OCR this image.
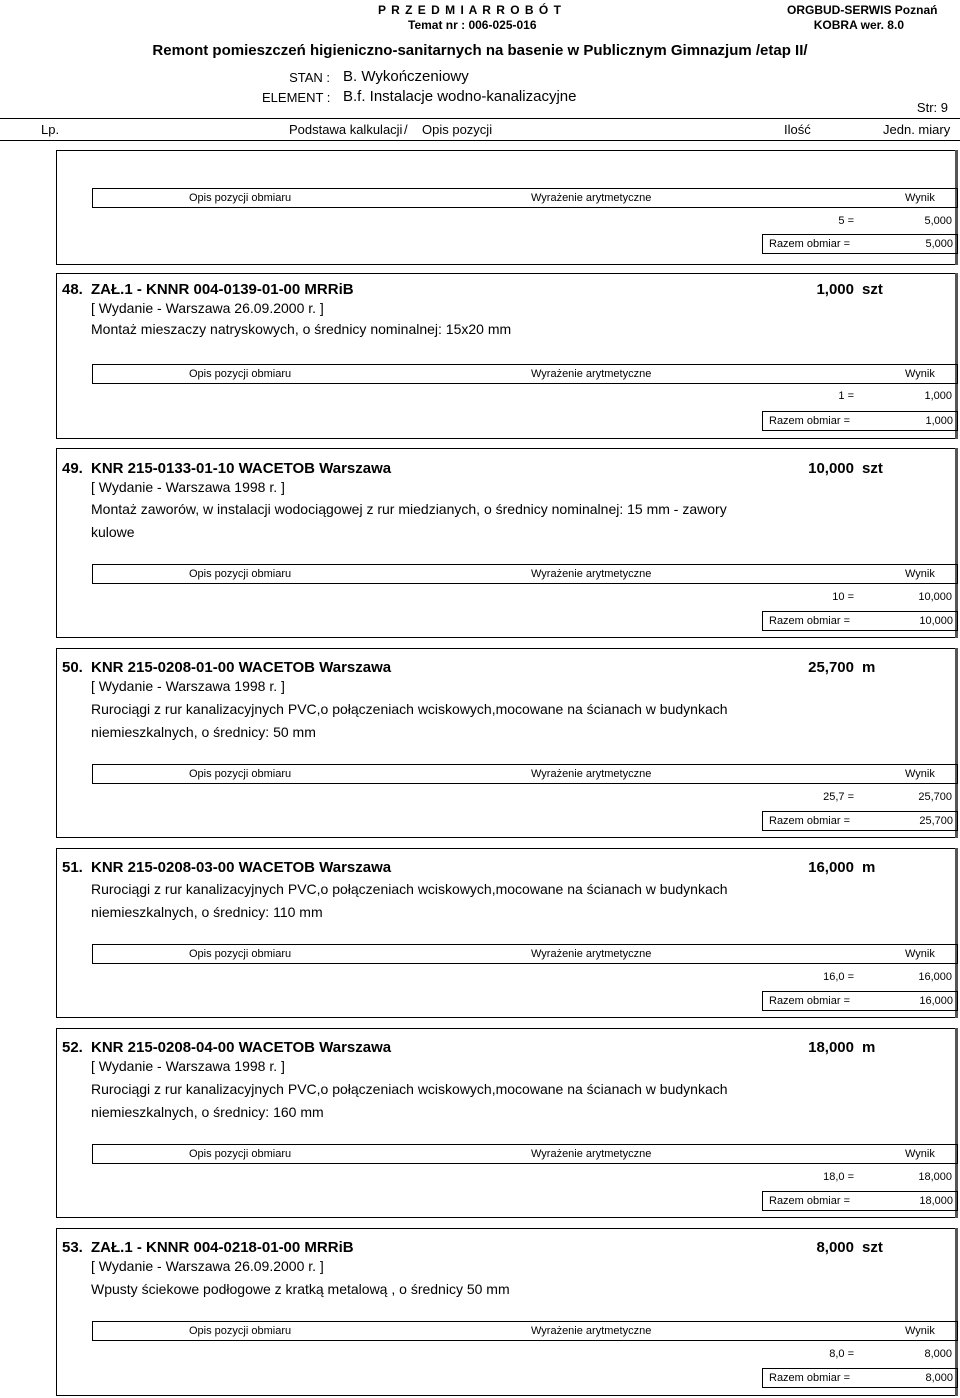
P R Z E D M I A R R O B Ó T
Temat nr : 006-025-016
ORGBUD-SERWIS Poznań
KOBRA wer. 8.0
Remont pomieszczeń higieniczno-sanitarnych na basenie w Publicznym Gimnazjum /etap II/
STAN : B. Wykończeniowy
ELEMENT : B.f. Instalacje wodno-kanalizacyjne
Str: 9
Lp.	Podstawa kalkulacji / Opis pozycji	Ilość	Jedn. miary
Opis pozycji obmiaru	Wyrażenie arytmetyczne	Wynik
5 =	5,000
Razem obmiar =	5,000
48. ZAŁ.1 - KNNR 004-0139-01-00 MRRiB	1,000 szt
[ Wydanie - Warszawa 26.09.2000 r. ]
Montaż mieszaczy natryskowych, o średnicy nominalnej: 15x20 mm
Opis pozycji obmiaru	Wyrażenie arytmetyczne	Wynik
1 =	1,000
Razem obmiar =	1,000
49. KNR 215-0133-01-10 WACETOB Warszawa	10,000 szt
[ Wydanie - Warszawa 1998 r. ]
Montaż zaworów, w instalacji wodociągowej z rur miedzianych, o średnicy nominalnej: 15 mm - zawory
kulowe
Opis pozycji obmiaru	Wyrażenie arytmetyczne	Wynik
10 =	10,000
Razem obmiar =	10,000
50. KNR 215-0208-01-00 WACETOB Warszawa	25,700 m
[ Wydanie - Warszawa 1998 r. ]
Rurociągi z rur kanalizacyjnych PVC,o połączeniach wciskowych,mocowane na ścianach w budynkach
niemieszkalnych, o średnicy: 50 mm
Opis pozycji obmiaru	Wyrażenie arytmetyczne	Wynik
25,7 =	25,700
Razem obmiar =	25,700
51. KNR 215-0208-03-00 WACETOB Warszawa	16,000 m
Rurociągi z rur kanalizacyjnych PVC,o połączeniach wciskowych,mocowane na ścianach w budynkach
niemieszkalnych, o średnicy: 110 mm
Opis pozycji obmiaru	Wyrażenie arytmetyczne	Wynik
16,0 =	16,000
Razem obmiar =	16,000
52. KNR 215-0208-04-00 WACETOB Warszawa	18,000 m
[ Wydanie - Warszawa 1998 r. ]
Rurociągi z rur kanalizacyjnych PVC,o połączeniach wciskowych,mocowane na ścianach w budynkach
niemieszkalnych, o średnicy: 160 mm
Opis pozycji obmiaru	Wyrażenie arytmetyczne	Wynik
18,0 =	18,000
Razem obmiar =	18,000
53. ZAŁ.1 - KNNR 004-0218-01-00 MRRiB	8,000 szt
[ Wydanie - Warszawa 26.09.2000 r. ]
Wpusty ściekowe podłogowe z kratką metalową , o średnicy 50 mm
Opis pozycji obmiaru	Wyrażenie arytmetyczne	Wynik
8,0 =	8,000
Razem obmiar =	8,000
